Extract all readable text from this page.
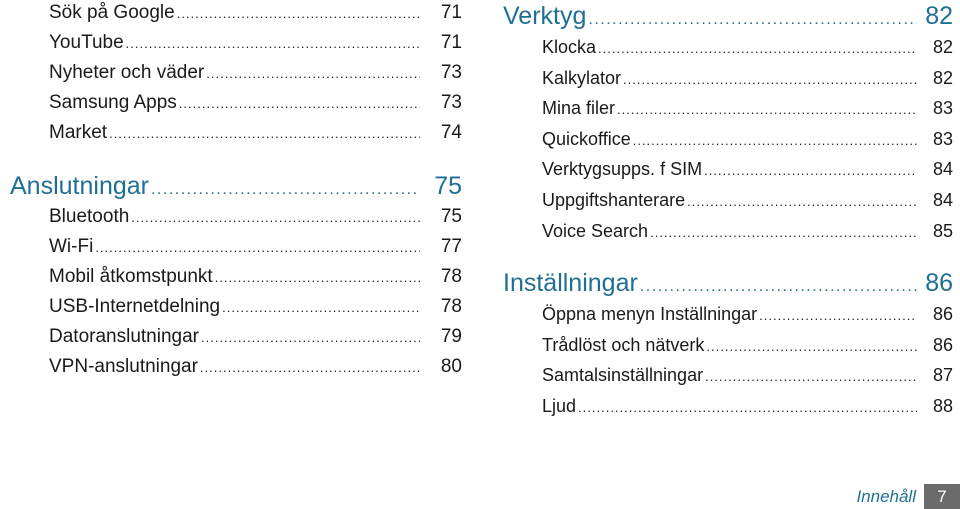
Sök på Google .....	71
YouTube .....	71
Nyheter och väder .....	73
Samsung Apps .....	73
Market .....	74
Anslutningar .....	75
Bluetooth .....	75
Wi-Fi .....	77
Mobil åtkomstpunkt .....	78
USB-Internetdelning .....	78
Datoranslutningar .....	79
VPN-anslutningar .....	80
Verktyg .....	82
Klocka .....	82
Kalkylator .....	82
Mina filer .....	83
Quickoffice .....	83
Verktygsupps. f SIM .....	84
Uppgiftshanterare .....	84
Voice Search .....	85
Inställningar .....	86
Öppna menyn Inställningar .....	86
Trådlöst och nätverk .....	86
Samtalsinställningar .....	87
Ljud .....	88
Innehåll	7
